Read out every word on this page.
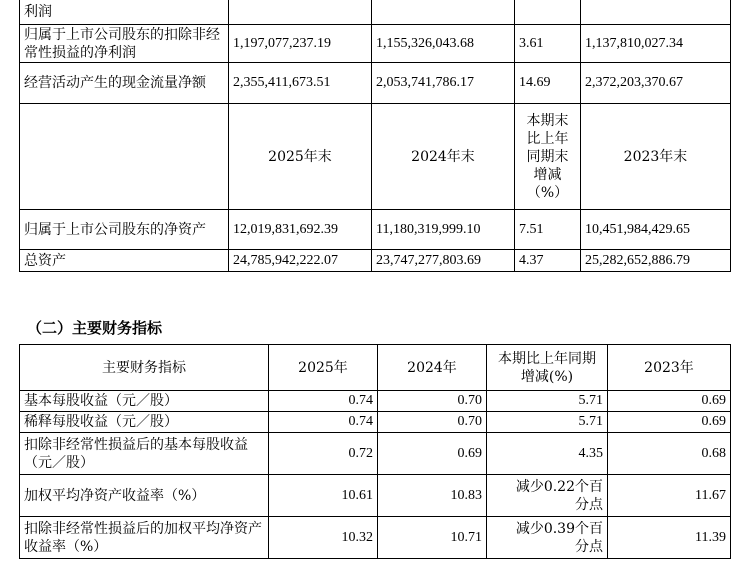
利润				
归属于上市公司股东的扣除非经常性损益的净利润	1,197,077,237.19	1,155,326,043.68	3.61	1,137,810,027.34
经营活动产生的现金流量净额	2,355,411,673.51	2,053,741,786.17	14.69	2,372,203,370.67
	2025年末	2024年末	本期末比上年同期末增减（%）	2023年末
归属于上市公司股东的净资产	12,019,831,692.39	11,180,319,999.10	7.51	10,451,984,429.65
总资产	24,785,942,222.07	23,747,277,803.69	4.37	25,282,652,886.79
（二）主要财务指标
主要财务指标	2025年	2024年	本期比上年同期增减(%)	2023年
基本每股收益（元／股）	0.74	0.70	5.71	0.69
稀释每股收益（元／股）	0.74	0.70	5.71	0.69
扣除非经常性损益后的基本每股收益（元／股）	0.72	0.69	4.35	0.68
加权平均净资产收益率（%）	10.61	10.83	减少0.22个百分点	11.67
扣除非经常性损益后的加权平均净资产收益率（%）	10.32	10.71	减少0.39个百分点	11.39
